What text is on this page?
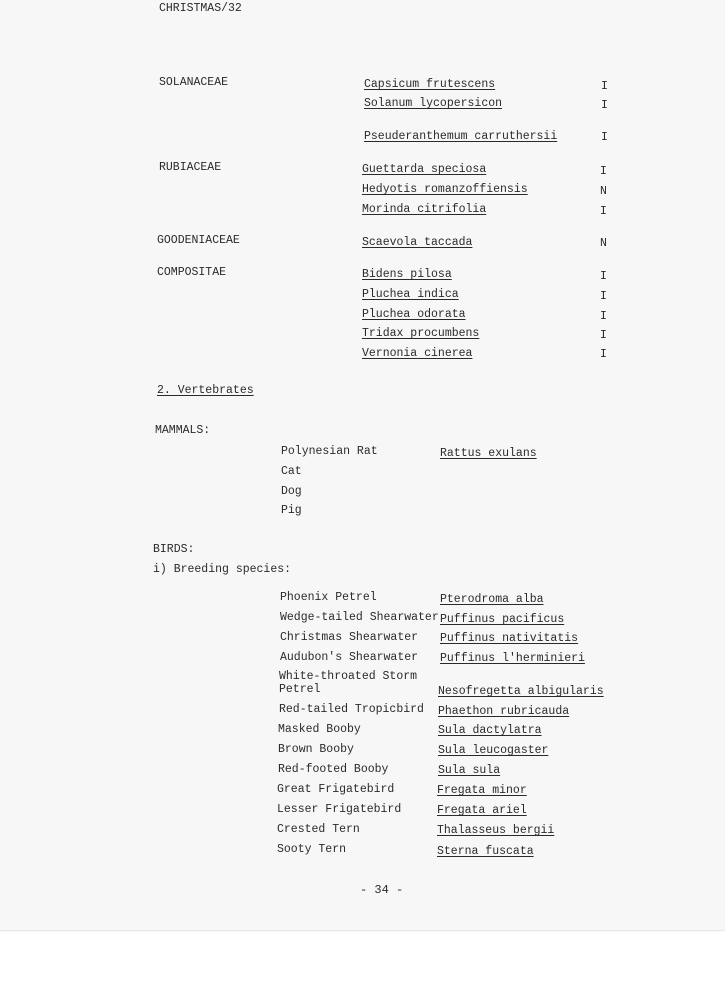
CHRISTMAS/32
SOLANACEAE
RUBIACEAE
GOODENIACEAE
COMPOSITAE
Capsicum frutescens
Solanum lycopersicon
Pseuderanthemum carruthersii
Guettarda speciosa
Hedyotis romanzoffiensis
Morinda citrifolia
Scaevola taccada
Bidens pilosa
Pluchea indica
Pluchea odorata
Tridax procumbens
Vernonia cinerea
I
I
I
I
N
I
N
I
I
I
I
I
2. Vertebrates
MAMMALS:
Polynesian Rat	Rattus exulans
Cat
Dog
Pig
BIRDS:
i) Breeding species:
Phoenix Petrel
Wedge-tailed Shearwater
Christmas Shearwater
Audubon's Shearwater
White-throated Storm
Petrel
Red-tailed Tropicbird
Masked Booby
Brown Booby
Red-footed Booby
Great Frigatebird
Lesser Frigatebird
Crested Tern
Sooty Tern
Pterodroma alba
Puffinus pacificus
Puffinus nativitatis
Puffinus l'herminieri
Nesofregetta albigularis
Phaethon rubricauda
Sula dactylatra
Sula leucogaster
Sula sula
Fregata minor
Fregata ariel
Thalasseus bergii
Sterna fuscata
- 34 -
